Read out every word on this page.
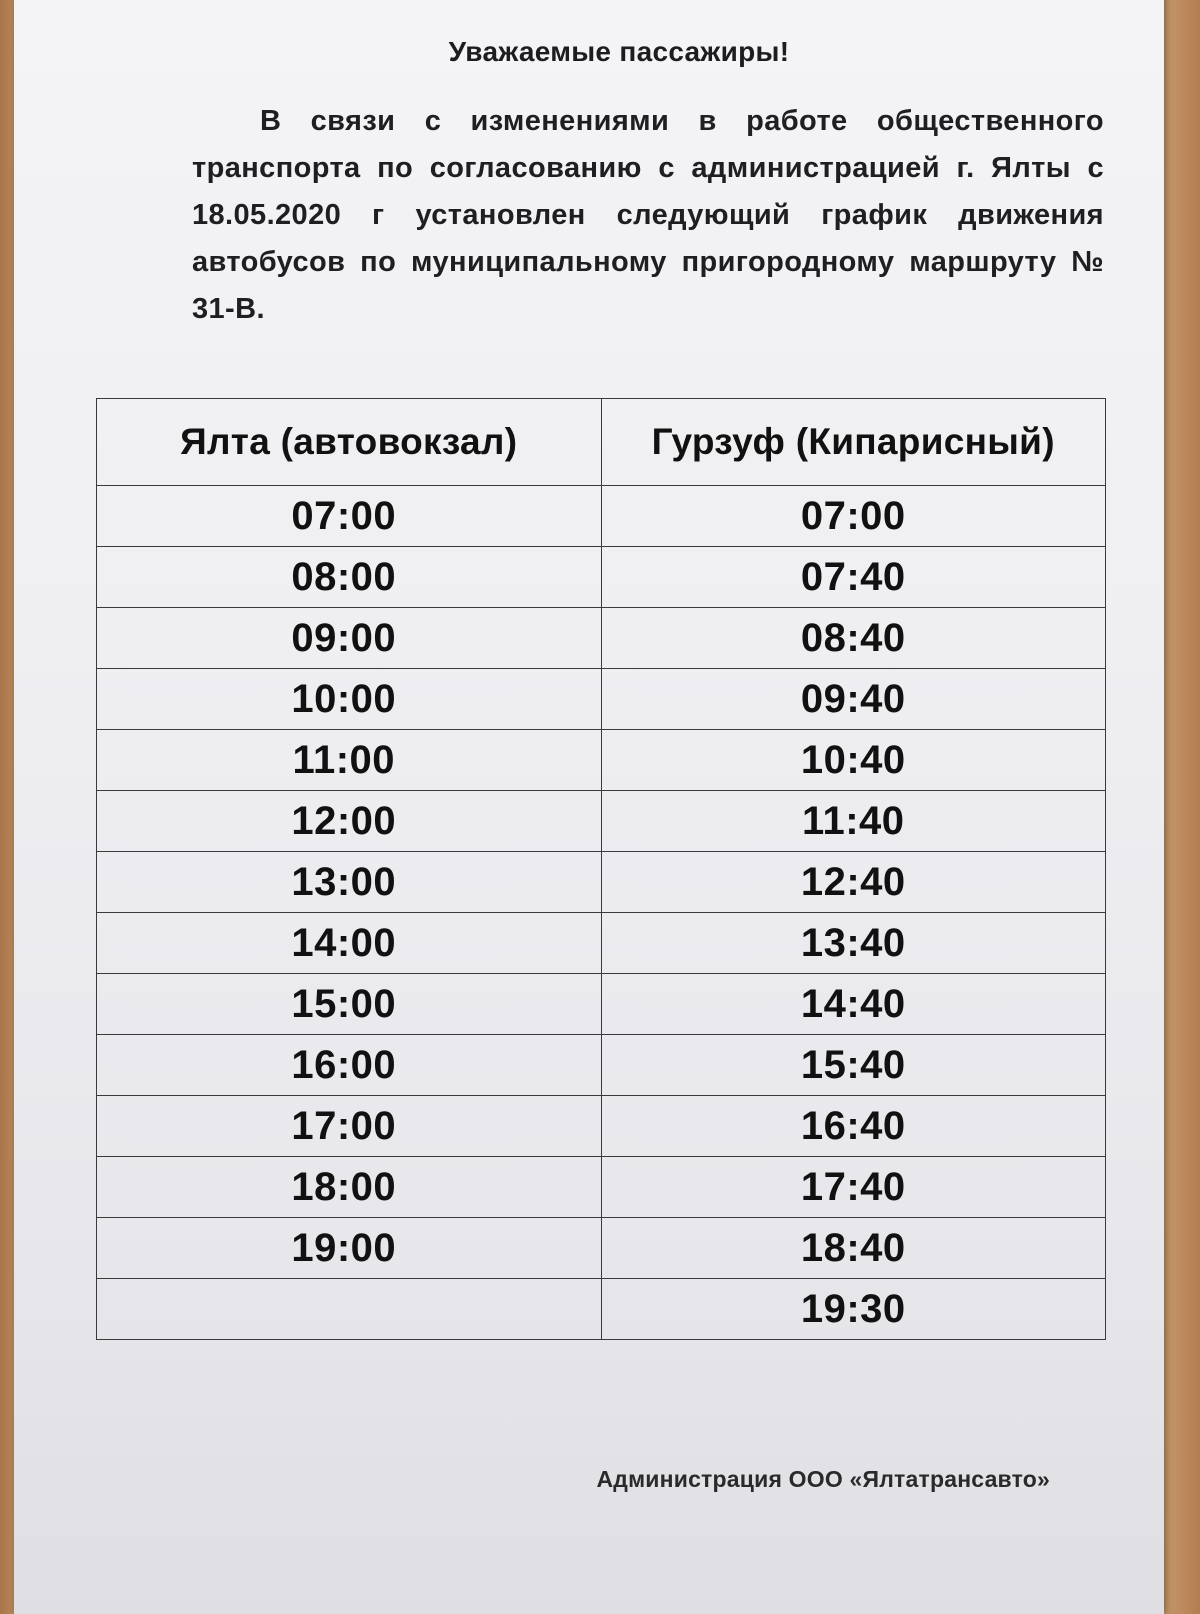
Уважаемые пассажиры!
В связи с изменениями в работе общественного транспорта по согласованию с администрацией г. Ялты с 18.05.2020 г установлен следующий график движения автобусов по муниципальному пригородному маршруту № 31-В.
Ялта (автовокзал)	Гурзуф (Кипарисный)
07:00	07:00
08:00	07:40
09:00	08:40
10:00	09:40
11:00	10:40
12:00	11:40
13:00	12:40
14:00	13:40
15:00	14:40
16:00	15:40
17:00	16:40
18:00	17:40
19:00	18:40
	19:30
Администрация ООО «Ялтатрансавто»
